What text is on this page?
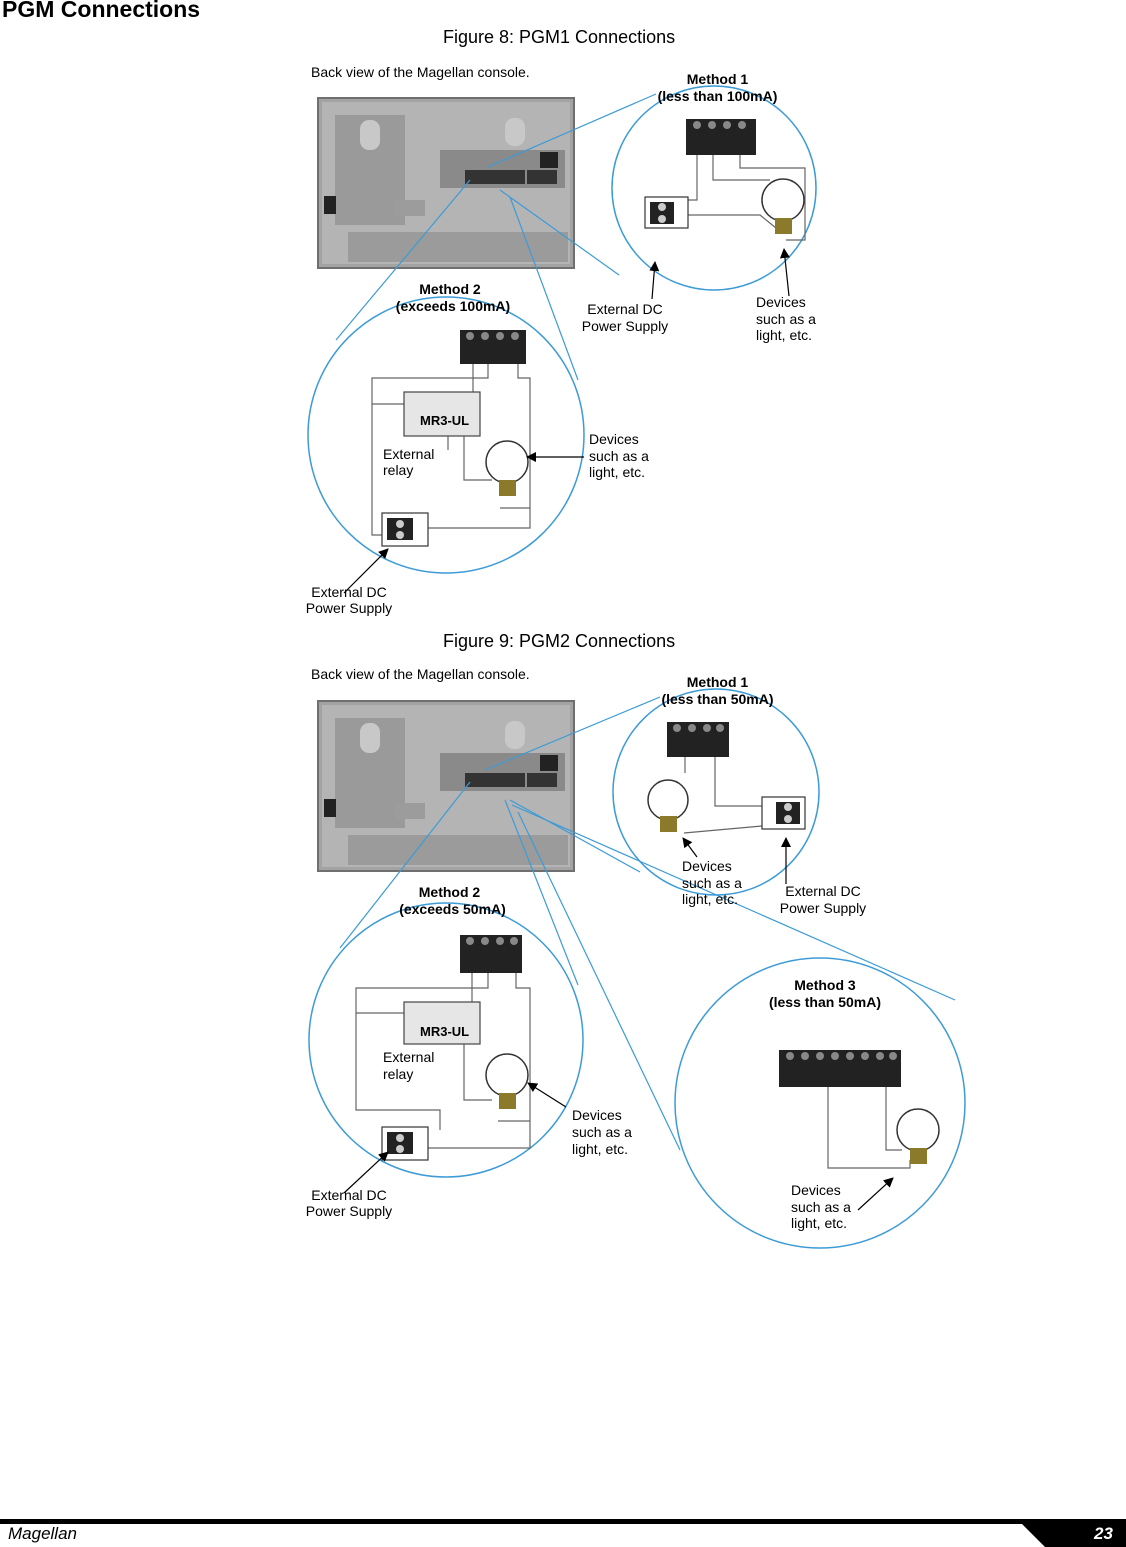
PGM Connections
Figure 8: PGM1 Connections
Back view of the Magellan console.
MR3-UL
MR3-UL
Method 1
(less than 100mA)
Method 2
(exceeds 100mA)	External DC
Power Supply
Devices
such as a
light, etc.
Devices
such as a
light, etc.
External
relay
External DC
Power Supply
Figure 9: PGM2 Connections
Back view of the Magellan console.	Method 1
(less than 50mA)
Method 2
(exceeds 50mA)
Method 3
(less than 50mA)
Devices
such as a
light, etc.	External DC
Power Supply
External
relay
Devices
such as a
light, etc.
External DC
Power Supply
Devices
such as a
light, etc.
Magellan	23
